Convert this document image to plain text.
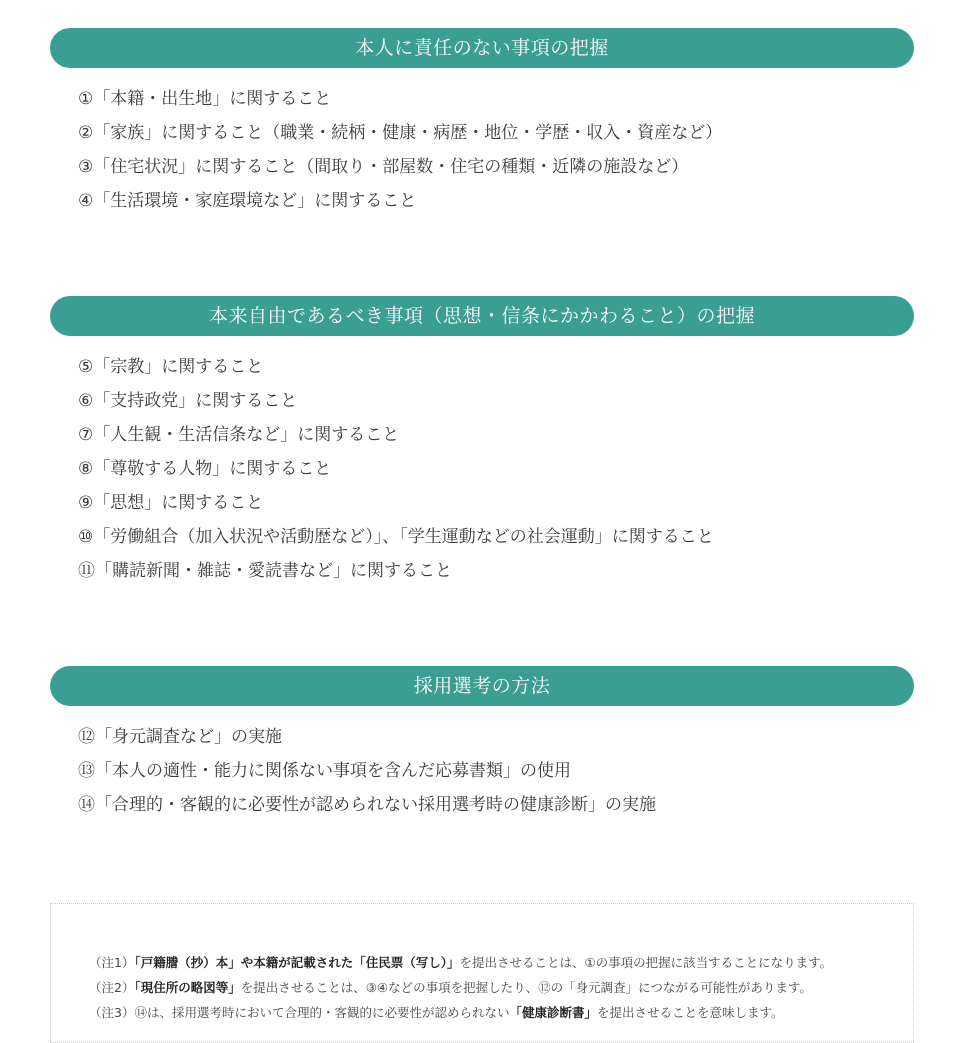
本人に責任のない事項の把握
①「本籍・出生地」に関すること
②「家族」に関すること（職業・続柄・健康・病歴・地位・学歴・収入・資産など）
③「住宅状況」に関すること（間取り・部屋数・住宅の種類・近隣の施設など）
④「生活環境・家庭環境など」に関すること
本来自由であるべき事項（思想・信条にかかわること）の把握
⑤「宗教」に関すること
⑥「支持政党」に関すること
⑦「人生観・生活信条など」に関すること
⑧「尊敬する人物」に関すること
⑨「思想」に関すること
⑩「労働組合（加入状況や活動歴など）」、「学生運動などの社会運動」に関すること
⑪「購読新聞・雑誌・愛読書など」に関すること
採用選考の方法
⑫「身元調査など」の実施
⑬「本人の適性・能力に関係ない事項を含んだ応募書類」の使用
⑭「合理的・客観的に必要性が認められない採用選考時の健康診断」の実施
（注1）「戸籍謄（抄）本」や本籍が記載された「住民票（写し）」を提出させることは、①の事項の把握に該当することになります。
（注2）「現住所の略図等」を提出させることは、③④などの事項を把握したり、⑫の「身元調査」につながる可能性があります。
（注3）⑭は、採用選考時において合理的・客観的に必要性が認められない「健康診断書」を提出させることを意味します。
